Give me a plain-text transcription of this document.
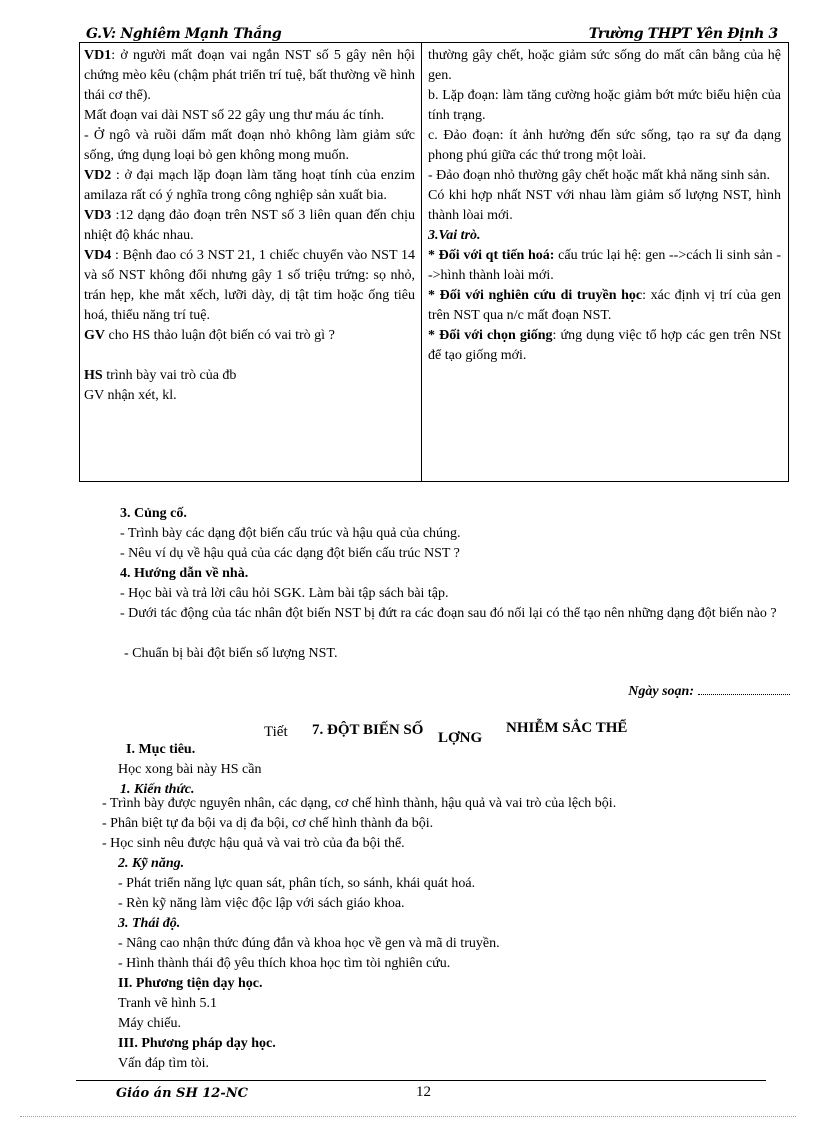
G.V: Nghiêm Mạnh Thắng	Trường THPT Yên Định 3

VD1: ở người mất đoạn vai ngắn NST số 5 gây nên hội chứng mèo kêu (chậm phát triển trí tuệ, bất thường về hình thái cơ thể).

Mất đoạn vai dài NST số 22 gây ung thư máu ác tính.

- Ở ngô và ruồi dấm mất đoạn nhỏ không làm giảm sức sống, ứng dụng loại bỏ gen không mong muốn.

VD2 : ở đại mạch lặp đoạn làm tăng hoạt tính của enzim amilaza rất có ý nghĩa trong công nghiệp sản xuất bia.

VD3 :12 dạng đảo đoạn trên NST số 3 liên quan đến chịu nhiệt độ khác nhau.

VD4 : Bệnh đao có 3 NST 21, 1 chiếc chuyển vào NST 14 và số NST không đổi nhưng gây 1 số triệu trứng: sọ nhỏ, trán hẹp, khe mắt xếch, lưỡi dày, dị tật tim hoặc ống tiêu hoá, thiểu năng trí tuệ.

GV cho HS thảo luận đột biến có vai trò gì ?

HS trình bày vai trò của đb

GV nhận xét, kl.

thường gây chết, hoặc giảm sức sống do mất cân bằng của hệ gen.

b. Lặp đoạn: làm tăng cường hoặc giảm bớt mức biểu hiện của tính trạng.

c. Đảo đoạn: ít ảnh hưởng đến sức sống, tạo ra sự đa dạng phong phú giữa các thứ trong một loài.

- Đảo đoạn nhỏ thường gây chết hoặc mất khả năng sinh sản.

Có khi hợp nhất NST với nhau làm giảm số lượng NST, hình thành lòai mới.

3.Vai trò.

* Đối với qt tiến hoá: cấu trúc lại hệ: gen -->cách li sinh sản -->hình thành loài mới.

* Đối với nghiên cứu di truyền học: xác định vị trí của gen trên NST qua n/c mất đoạn NST.

* Đối với chọn giống: ứng dụng việc tổ hợp các gen trên NSt để tạo giống mới.

3. Củng cố.

- Trình bày các dạng đột biến cấu trúc và hậu quả của chúng.

- Nêu ví dụ về hậu quả của các dạng đột biến cấu trúc NST ?

4. Hướng dẫn về nhà.

- Học bài và trả lời câu hỏi SGK. Làm bài tập sách bài tập.

- Dưới tác động của tác nhân đột biến NST bị đứt ra các đoạn sau đó nối lại có thể tạo nên những dạng đột biến nào ?

- Chuẩn bị bài đột biến số lượng NST.

Ngày soạn:
Tiết 7. ĐỘT BIẾN SỐ LỢNG
NHIỄM SẮC THỂ

I. Mục tiêu.

Học xong bài này HS cần

1. Kiến thức.

- Trình bày được nguyên nhân, các dạng, cơ chế hình thành, hậu quả và vai trò của lệch bội.

- Phân biệt tự đa bội va dị đa bội, cơ chế hình thành đa bội.

- Học sinh nêu được hậu quả và vai trò của đa bội thể.

2. Kỹ năng.

- Phát triển năng lực quan sát, phân tích, so sánh, khái quát hoá.

- Rèn kỹ năng làm việc độc lập với sách giáo khoa.

3. Thái độ.

- Nâng cao nhận thức đúng đắn và khoa học về gen và mã di truyền.

- Hình thành thái độ yêu thích khoa học tìm tòi nghiên cứu.

II. Phương tiện dạy học.

Tranh vẽ hình 5.1

Máy chiếu.

III. Phương pháp dạy học.

Vấn đáp tìm tòi.

Giáo án SH 12-NC	12
